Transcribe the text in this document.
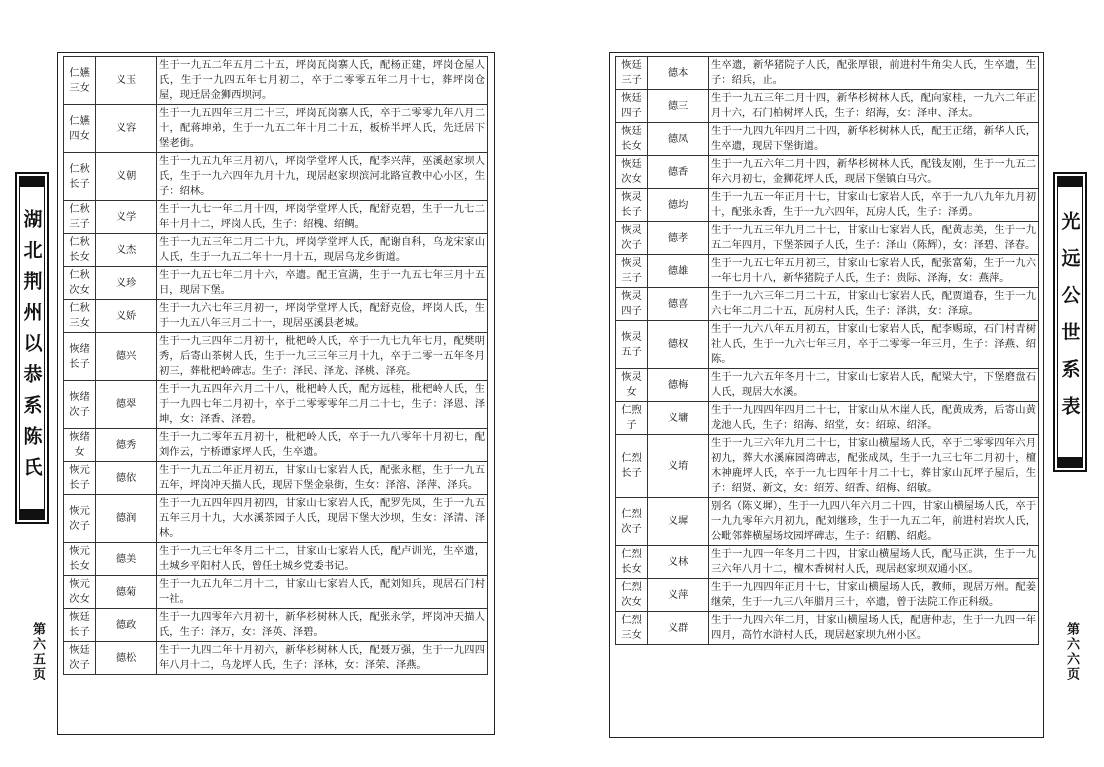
湖北荆州以恭系陈氏	光远公世系表
第六五页	第六六页
仁嬿三女	义玉	生于一九五二年五月二十五，坪岗瓦岗寨人氏，配杨正建，坪岗仓屋人氏，生于一九四五年七月初二，卒于二零零五年二月十七，葬坪岗仓屋，现迁居金狮西坝河。
仁嬿四女	义容	生于一九五四年三月二十三，坪岗瓦岗寨人氏，卒于二零零九年八月二十，配蒋坤弟，生于一九五二年十月二十五，板桥半坪人氏，先迁居下堡老街。
仁秋长子	义朝	生于一九五九年三月初八，坪岗学堂坪人氏，配李兴萍，巫溪赵家坝人氏，生于一九六四年九月十九，现居赵家坝滨河北路宣教中心小区，生子：绍林。
仁秋三子	义学	生于一九七一年二月十四，坪岗学堂坪人氏，配舒克碧，生于一九七二年十月十二，坪岗人氏，生子：绍槐、绍鲷。
仁秋长女	义杰	生于一九五三年二月二十九，坪岗学堂坪人氏，配谢自科，乌龙宋家山人氏，生于一九五二年十一月十五，现居乌龙乡街道。
仁秋次女	义珍	生于一九五七年二月十六，卒遗。配王宣满，生于一九五七年三月十五日，现居下堡。
仁秋三女	义娇	生于一九六七年三月初一，坪岗学堂坪人氏，配舒克俭，坪岗人氏，生于一九五八年三月二十一，现居巫溪县老城。
恢绪长子	德兴	生于一九三四年二月初十，枇杷岭人氏，卒于一九七九年七月，配樊明秀，后寄山茶树人氏，生于一九三三年三月十九，卒于二零一五年冬月初三，葬枇杷岭碑志。生子：泽民、泽龙、泽桃、泽亮。
恢绪次子	德翠	生于一九五四年六月二十八，枇杷岭人氏，配方远桂，枇杷岭人氏，生于一九四七年二月初十，卒于二零零零年二月二十七，生子：泽恩、泽坤，女：泽香、泽碧。
恢绪女	德秀	生于一九二零年五月初十，枇杷岭人氏，卒于一九八零年十月初七，配刘作云，宁桥谭家坪人氏，生卒遗。
恢元长子	德依	生于一九五二年正月初五，甘家山七家岩人氏，配张永框，生于一九五五年，坪岗冲天描人氏，现居下堡金泉街，生女：泽溶、泽萍、泽兵。
恢元次子	德润	生于一九五四年四月初四，甘家山七家岩人氏，配罗先凤，生于一九五五年三月十九，大水溪茶园子人氏，现居下堡大沙坝，生女：泽清、泽林。
恢元长女	德美	生于一九三七年冬月二十二，甘家山七家岩人氏，配卢训光，生卒遗，土城乡平阳村人氏，曾任土城乡党委书记。
恢元次女	德菊	生于一九五九年二月十二，甘家山七家岩人氏，配刘知兵，现居石门村一社。
恢廷长子	德政	生于一九四零年六月初十，新华杉树林人氏，配张永学，坪岗冲天描人氏，生子：泽万，女：泽英、泽碧。
恢廷次子	德松	生于一九四二年十月初六，新华杉树林人氏，配聂万强，生于一九四四年八月十二，乌龙坪人氏，生子：泽林，女：泽荣、泽燕。
恢廷三子	德本	生卒遗，新华猪院子人氏，配张厚银，前进村牛角尖人氏，生卒遗，生子：绍兵，止。
恢廷四子	德三	生于一九五三年二月十四，新华杉树林人氏，配向家桂，一九六二年正月十六，石门柏树坪人氏，生子：绍海，女：泽申、泽太。
恢廷长女	德凤	生于一九四九年四月二十四，新华杉树林人氏，配王正绪，新华人氏，生卒遗，现居下堡街道。
恢廷次女	德香	生于一九五六年二月十四，新华杉树林人氏，配钱友刚，生于一九五二年六月初七，金狮花坪人氏，现居下堡镇白马穴。
恢灵长子	德均	生于一九五一年正月十七，甘家山七家岩人氏，卒于一九八九年九月初十，配张永香，生于一九六四年，瓦房人氏，生子：泽勇。
恢灵次子	德孝	生于一九五三年九月二十七，甘家山七家岩人氏，配黄志美，生于一九五二年四月，下堡茶园子人氏，生子：泽山（陈辉），女：泽碧、泽春。
恢灵三子	德雄	生于一九五七年五月初三，甘家山七家岩人氏，配张富菊，生于一九六一年七月十八，新华猪院子人氏，生子：贵际、泽海，女：燕萍。
恢灵四子	德喜	生于一九六三年二月二十五，甘家山七家岩人氏，配贾道春，生于一九六七年二月二十五，瓦房村人氏，生子：泽洪，女：泽琼。
恢灵五子	德权	生于一九六八年五月初五，甘家山七家岩人氏，配李赐琼，石门村青树社人氏，生于一九六七年三月，卒于二零零一年三月，生子：泽燕、绍陈。
恢灵女	德梅	生于一九六五年冬月十二，甘家山七家岩人氏，配梁大宁，下堡磨盘石人氏，现居大水溪。
仁煦子	义墉	生于一九四四年四月二十七，甘家山从木崖人氏，配黄成秀，后寄山黄龙池人氏，生子：绍海、绍堂，女：绍琼、绍泽。
仁烈长子	义堉	生于一九三六年九月二十七，甘家山横屋场人氏，卒于二零零四年六月初九，葬大水溪麻园湾碑志，配张成凤，生于一九三七年二月初十，檀木神鹿坪人氏，卒于一九七四年十月二十七，葬甘家山瓦坪子屋后，生子：绍贤、新文，女：绍芳、绍香、绍梅、绍敏。
仁烈次子	义墀	别名（陈义墀），生于一九四八年六月二十四，甘家山横屋场人氏，卒于一九九零年六月初九，配刘继珍，生于一九五二年，前进村岩坎人氏，公毗邻葬横屋场坟园坪碑志，生子：绍鹏、绍彪。
仁烈长女	义林	生于一九四一年冬月二十四，甘家山横屋场人氏，配马正洪，生于一九三六年八月十二，檀木香树村人氏，现居赵家坝双通小区。
仁烈次女	义萍	生于一九四四年正月十七，甘家山横屋场人氏，教师，现居万州。配姜继荣，生于一九三八年腊月三十，卒遗，曾于法院工作正科级。
仁烈三女	义群	生于一九四六年二月，甘家山横屋场人氏，配唐仲志，生于一九四一年四月，高竹水浒村人氏，现居赵家坝九州小区。
